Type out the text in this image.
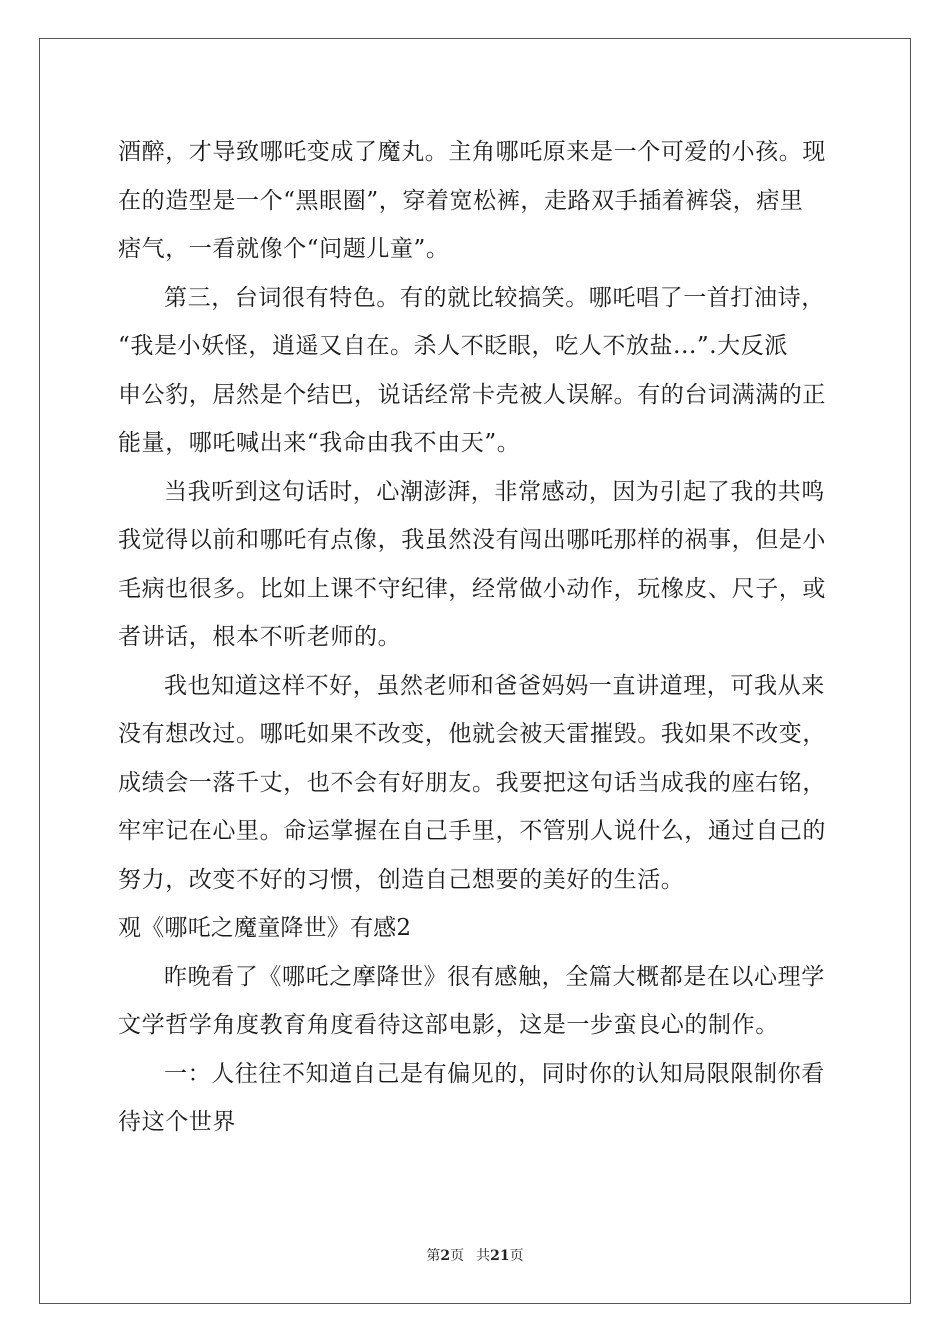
酒醉，才导致哪吒变成了魔丸。主角哪吒原来是一个可爱的小孩。现
在的造型是一个“黑眼圈”，穿着宽松裤，走路双手插着裤袋，痞里
痞气，一看就像个“问题儿童”。
第三，台词很有特色。有的就比较搞笑。哪吒唱了一首打油诗，
“我是小妖怪，逍遥又自在。杀人不眨眼，吃人不放盐...”.大反派
申公豹，居然是个结巴，说话经常卡壳被人误解。有的台词满满的正
能量，哪吒喊出来“我命由我不由天”。
当我听到这句话时，心潮澎湃，非常感动，因为引起了我的共鸣
我觉得以前和哪吒有点像，我虽然没有闯出哪吒那样的祸事，但是小
毛病也很多。比如上课不守纪律，经常做小动作，玩橡皮、尺子，或
者讲话，根本不听老师的。
我也知道这样不好，虽然老师和爸爸妈妈一直讲道理，可我从来
没有想改过。哪吒如果不改变，他就会被天雷摧毁。我如果不改变，
成绩会一落千丈，也不会有好朋友。我要把这句话当成我的座右铭，
牢牢记在心里。命运掌握在自己手里，不管别人说什么，通过自己的
努力，改变不好的习惯，创造自己想要的美好的生活。
观《哪吒之魔童降世》有感2
昨晚看了《哪吒之摩降世》很有感触，全篇大概都是在以心理学
文学哲学角度教育角度看待这部电影，这是一步蛮良心的制作。
一：人往往不知道自己是有偏见的，同时你的认知局限限制你看
待这个世界
第2页 共21页
